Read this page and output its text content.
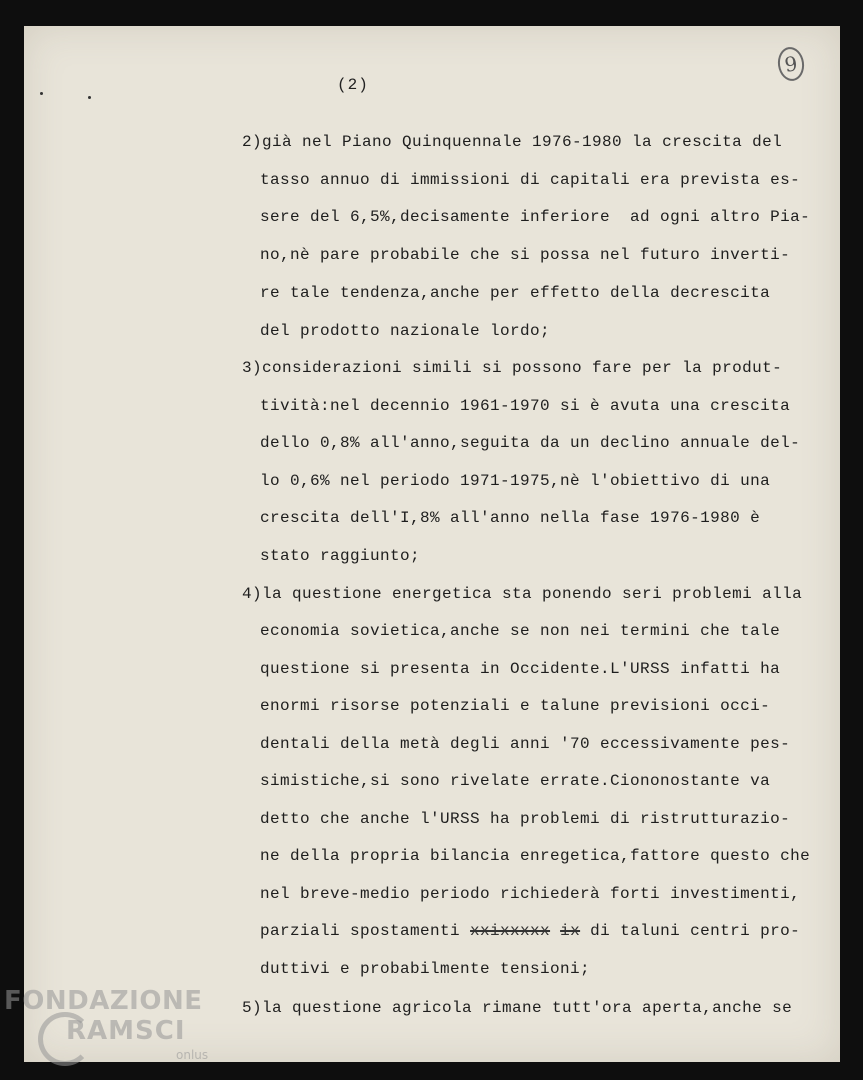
9
(2)
2)già nel Piano Quinquennale 1976-1980 la crescita del
tasso annuo di immissioni di capitali era prevista es-
sere del 6,5%,decisamente inferiore  ad ogni altro Pia-
no,nè pare probabile che si possa nel futuro inverti-
re tale tendenza,anche per effetto della decrescita
del prodotto nazionale lordo;
3)considerazioni simili si possono fare per la produt-
tività:nel decennio 1961-1970 si è avuta una crescita
dello 0,8% all'anno,seguita da un declino annuale del-
lo 0,6% nel periodo 1971-1975,nè l'obiettivo di una
crescita dell'I,8% all'anno nella fase 1976-1980 è
stato raggiunto;
4)la questione energetica sta ponendo seri problemi alla
economia sovietica,anche se non nei termini che tale
questione si presenta in Occidente.L'URSS infatti ha
enormi risorse potenziali e talune previsioni occi-
dentali della metà degli anni '70 eccessivamente pes-
simistiche,si sono rivelate errate.Ciononostante va
detto che anche l'URSS ha problemi di ristrutturazio-
ne della propria bilancia enregetica,fattore questo che
nel breve-medio periodo richiederà forti investimenti,
parziali spostamenti xxixxxxx ix di taluni centri pro-
duttivi e probabilmente tensioni;
5)la questione agricola rimane tutt'ora aperta,anche se
FONDAZIONE
RAMSCI
onlus
